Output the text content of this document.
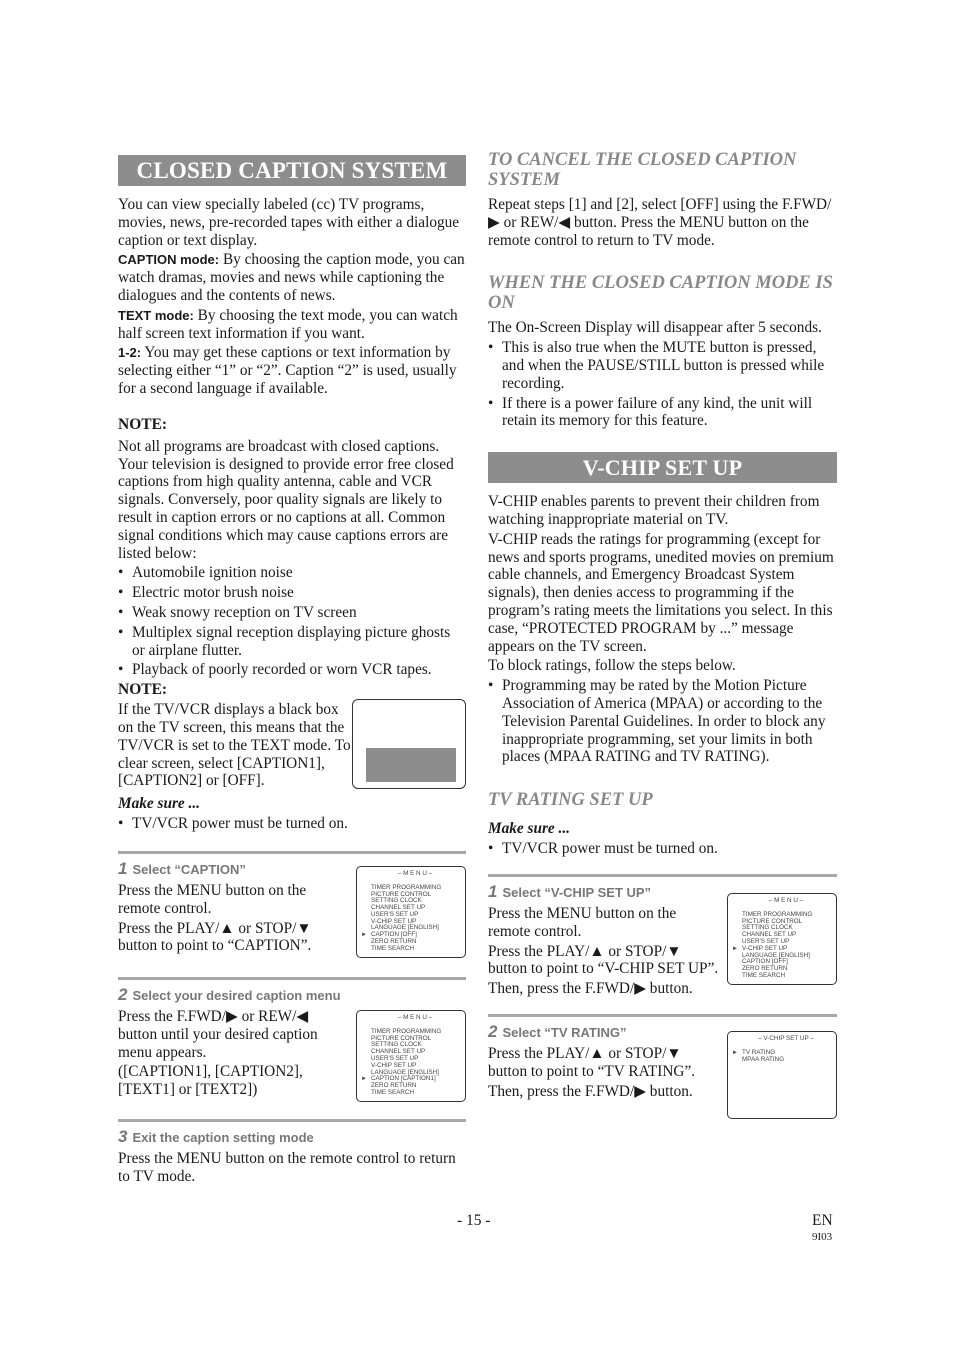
CLOSED CAPTION SYSTEM

You can view specially labeled (cc) TV programs, movies, news, pre-recorded tapes with either a dialogue caption or text display.

CAPTION mode: By choosing the caption mode, you can watch dramas, movies and news while captioning the dialogues and the contents of news.

TEXT mode: By choosing the text mode, you can watch half screen text information if you want.

1-2: You may get these captions or text information by selecting either “1” or “2”. Caption “2” is used, usually for a second language if available.

NOTE:

Not all programs are broadcast with closed captions. Your television is designed to provide error free closed captions from high quality antenna, cable and VCR signals. Conversely, poor quality signals are likely to result in caption errors or no captions at all. Common signal conditions which may cause captions errors are listed below:

• Automobile ignition noise
• Electric motor brush noise
• Weak snowy reception on TV screen
• Multiplex signal reception displaying picture ghosts or airplane flutter.
• Playback of poorly recorded or worn VCR tapes.
NOTE:

If the TV/VCR displays a black box on the TV screen, this means that the TV/VCR is set to the TEXT mode. To clear screen, select [CAPTION1], [CAPTION2] or [OFF].

Make sure ...
• TV/VCR power must be turned on.
– M E N U –
TIMER PROGRAMMING
PICTURE CONTROL
SETTING CLOCK
CHANNEL SET UP
USER'S SET UP
V-CHIP SET UP
LANGUAGE [ENGLISH]
► CAPTION [OFF]
ZERO RETURN
TIME SEARCH
1 Select “CAPTION”

Press the MENU button on the remote control.

Press the PLAY/▲ or STOP/▼ button to point to “CAPTION”.

– M E N U –
TIMER PROGRAMMING
PICTURE CONTROL
SETTING CLOCK
CHANNEL SET UP
USER'S SET UP
V-CHIP SET UP
LANGUAGE [ENGLISH]
► CAPTION [CAPTION1]
ZERO RETURN
TIME SEARCH
2 Select your desired caption menu

Press the F.FWD/▶ or REW/◀ button until your desired caption menu appears.

([CAPTION1], [CAPTION2], [TEXT1] or [TEXT2])

3 Exit the caption setting mode

Press the MENU button on the remote control to return to TV mode.

TO CANCEL THE CLOSED CAPTION SYSTEM

Repeat steps [1] and [2], select [OFF] using the F.FWD/▶ or REW/◀ button. Press the MENU button on the remote control to return to TV mode.

WHEN THE CLOSED CAPTION MODE IS ON

The On-Screen Display will disappear after 5 seconds.

• This is also true when the MUTE button is pressed, and when the PAUSE/STILL button is pressed while recording.
• If there is a power failure of any kind, the unit will retain its memory for this feature.
V-CHIP SET UP

V-CHIP enables parents to prevent their children from watching inappropriate material on TV.

V-CHIP reads the ratings for programming (except for news and sports programs, unedited movies on premium cable channels, and Emergency Broadcast System signals), then denies access to programming if the program’s rating meets the limitations you select. In this case, “PROTECTED PROGRAM by ...” message appears on the TV screen.

To block ratings, follow the steps below.

• Programming may be rated by the Motion Picture Association of America (MPAA) or according to the Television Parental Guidelines. In order to block any inappropriate programming, set your limits in both places (MPAA RATING and TV RATING).
TV RATING SET UP
Make sure ...
• TV/VCR power must be turned on.
– M E N U –
TIMER PROGRAMMING
PICTURE CONTROL
SETTING CLOCK
CHANNEL SET UP
USER'S SET UP
► V-CHIP SET UP
LANGUAGE [ENGLISH]
CAPTION [OFF]
ZERO RETURN
TIME SEARCH
1 Select “V-CHIP SET UP”

Press the MENU button on the remote control.

Press the PLAY/▲ or STOP/▼ button to point to “V-CHIP SET UP”.

Then, press the F.FWD/▶ button.

– V-CHIP SET UP –
► TV RATING
MPAA RATING
2 Select “TV RATING”

Press the PLAY/▲ or STOP/▼ button to point to “TV RATING”.

Then, press the F.FWD/▶ button.

- 15 -	EN
9I03
